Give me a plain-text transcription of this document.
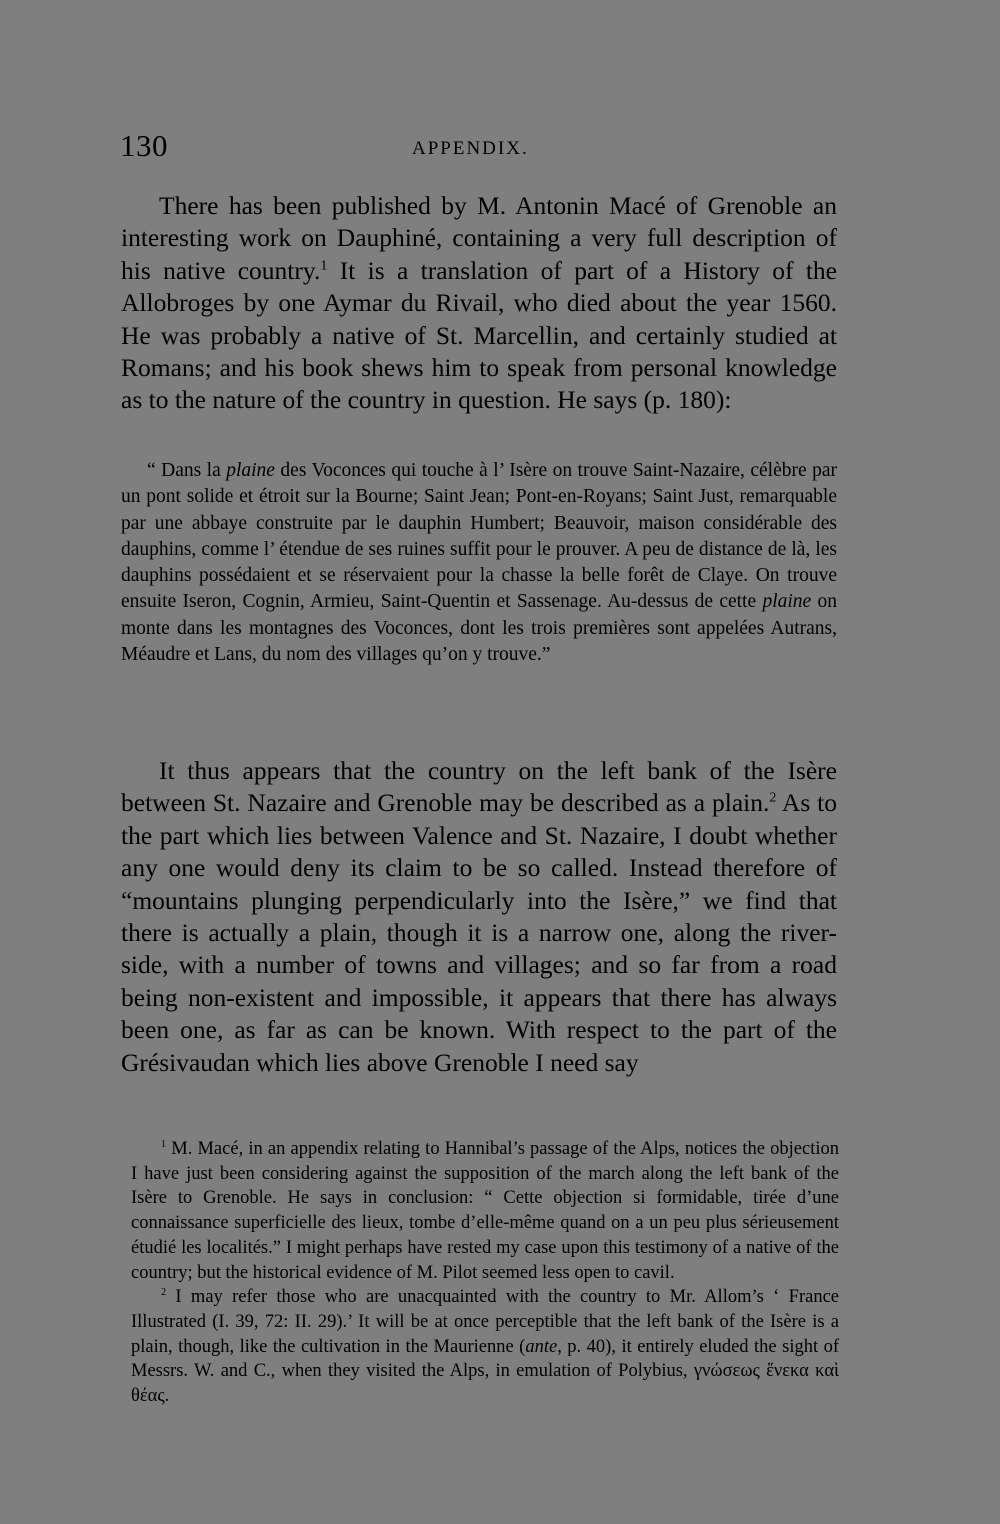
130	APPENDIX.

There has been published by M. Antonin Macé of Grenoble an interesting work on Dauphiné, containing a very full description of his native country.$^1$ It is a translation of part of a History of the Allobroges by one Aymar du Rivail, who died about the year 1560. He was probably a native of St. Marcellin, and certainly studied at Romans; and his book shews him to speak from personal knowledge as to the nature of the country in question. He says (p. 180):

“ Dans la plaine des Voconces qui touche à l’ Isère on trouve Saint-Nazaire, célèbre par un pont solide et étroit sur la Bourne; Saint Jean; Pont-en-Royans; Saint Just, remarquable par une abbaye construite par le dauphin Humbert; Beauvoir, maison considérable des dauphins, comme l’ étendue de ses ruines suffit pour le prouver. A peu de distance de là, les dauphins possédaient et se réservaient pour la chasse la belle forêt de Claye. On trouve ensuite Iseron, Cognin, Armieu, Saint-Quentin et Sassenage. Au-dessus de cette plaine on monte dans les montagnes des Voconces, dont les trois premières sont appelées Autrans, Méaudre et Lans, du nom des villages qu’on y trouve.”

It thus appears that the country on the left bank of the Isère between St. Nazaire and Grenoble may be described as a plain.$^2$ As to the part which lies between Valence and St. Nazaire, I doubt whether any one would deny its claim to be so called. Instead therefore of “mountains plunging perpendicularly into the Isère,” we find that there is actually a plain, though it is a narrow one, along the river-side, with a number of towns and villages; and so far from a road being non-existent and impossible, it appears that there has always been one, as far as can be known. With respect to the part of the Grésivaudan which lies above Grenoble I need say

$^1$ M. Macé, in an appendix relating to Hannibal’s passage of the Alps, notices the objection I have just been considering against the supposition of the march along the left bank of the Isère to Grenoble. He says in conclusion: “ Cette objection si formidable, tirée d’une connaissance superficielle des lieux, tombe d’elle-même quand on a un peu plus sérieusement étudié les localités.” I might perhaps have rested my case upon this testimony of a native of the country; but the historical evidence of M. Pilot seemed less open to cavil.

$^2$ I may refer those who are unacquainted with the country to Mr. Allom’s ‘ France Illustrated (I. 39, 72: II. 29).’ It will be at once perceptible that the left bank of the Isère is a plain, though, like the cultivation in the Maurienne (ante, p. 40), it entirely eluded the sight of Messrs. W. and C., when they visited the Alps, in emulation of Polybius, γνώσεως ἕνεκα καὶ θέας.
